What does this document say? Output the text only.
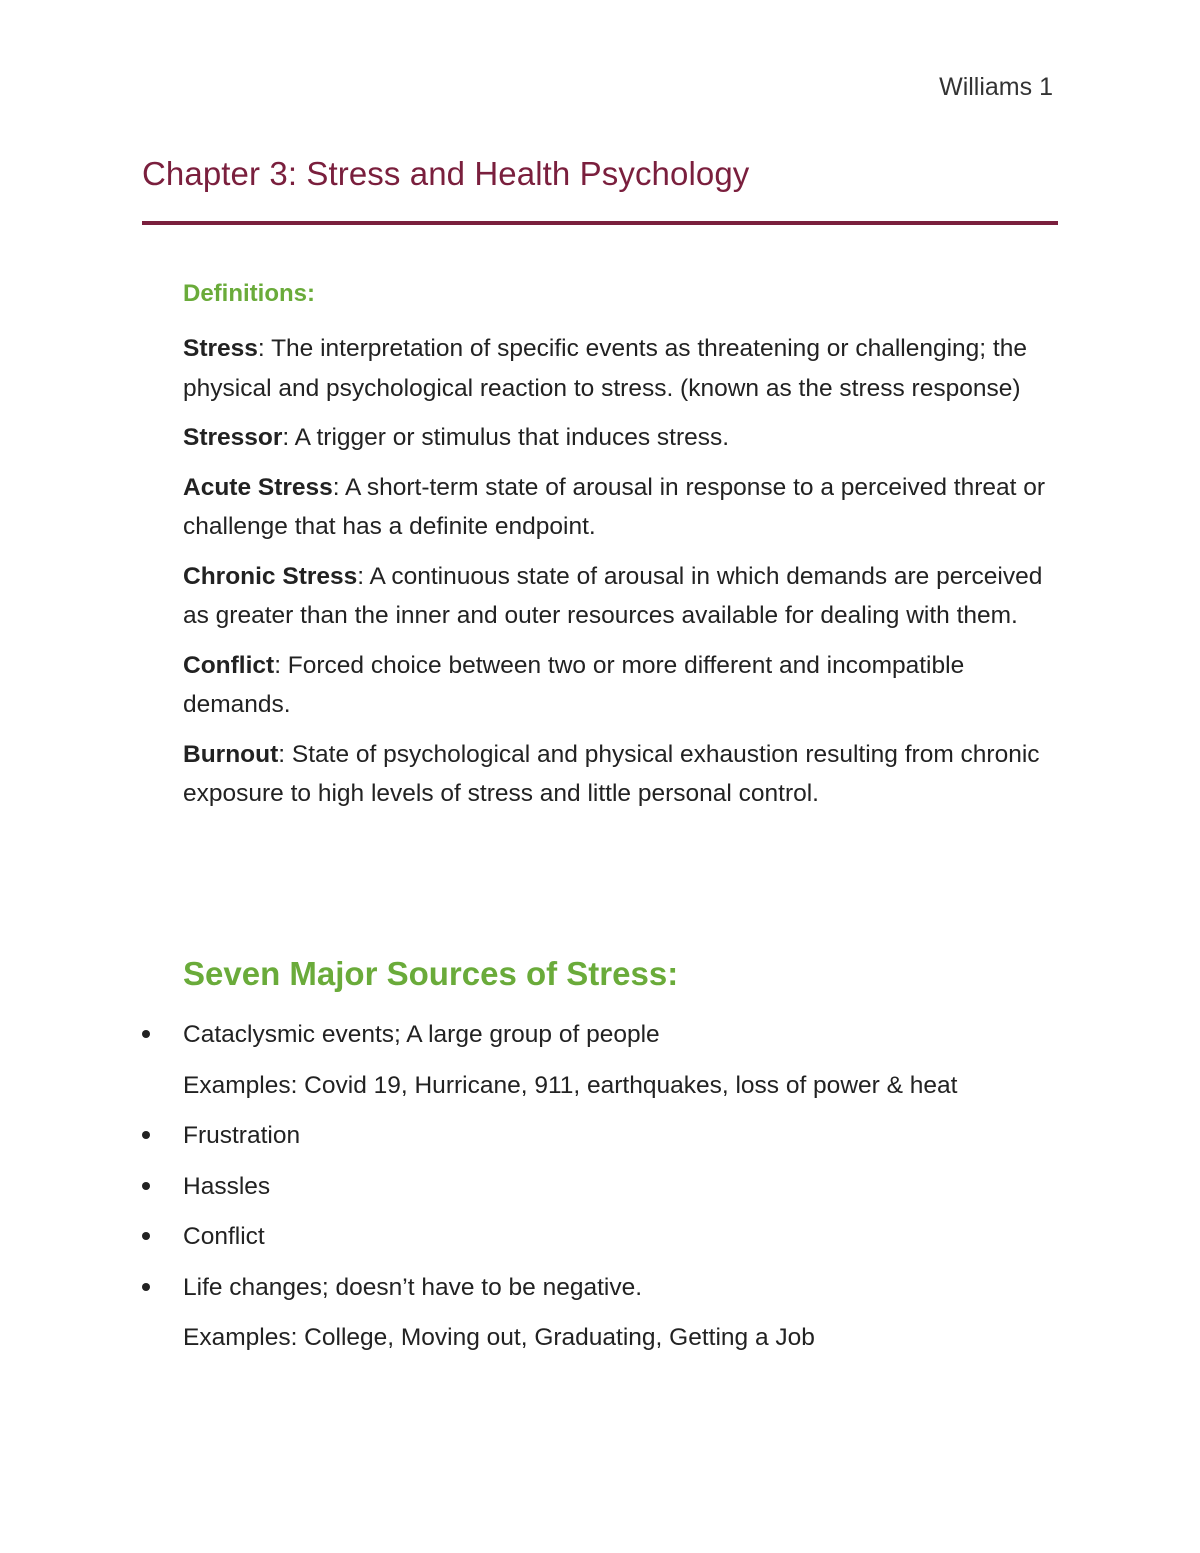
Williams 1
Chapter 3: Stress and Health Psychology
Definitions:

Stress: The interpretation of specific events as threatening or challenging; the physical and psychological reaction to stress. (known as the stress response)

Stressor: A trigger or stimulus that induces stress.

Acute Stress: A short-term state of arousal in response to a perceived threat or challenge that has a definite endpoint.

Chronic Stress: A continuous state of arousal in which demands are perceived as greater than the inner and outer resources available for dealing with them.

Conflict: Forced choice between two or more different and incompatible demands.

Burnout: State of psychological and physical exhaustion resulting from chronic exposure to high levels of stress and little personal control.

Seven Major Sources of Stress:
Cataclysmic events; A large group of people
Examples: Covid 19, Hurricane, 911, earthquakes, loss of power & heat
Frustration
Hassles
Conflict
Life changes; doesn’t have to be negative.
Examples: College, Moving out, Graduating, Getting a Job
